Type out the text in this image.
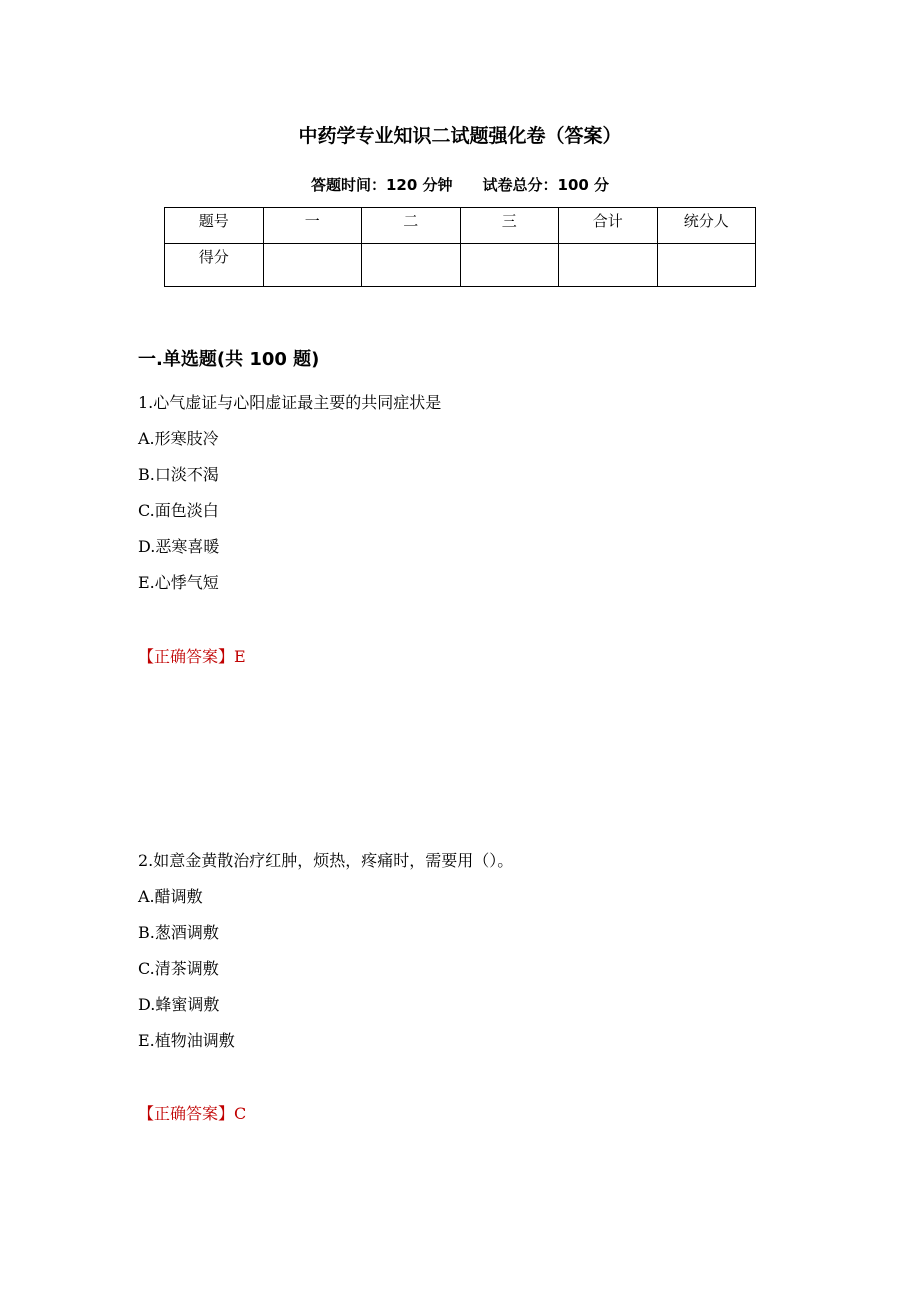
中药学专业知识二试题强化卷（答案）
答题时间：120 分钟 试卷总分：100 分
题号	一	二	三	合计	统分人
得分					
一.单选题(共 100 题)
1.心气虚证与心阳虚证最主要的共同症状是
A.形寒肢冷
B.口淡不渴
C.面色淡白
D.恶寒喜暖
E.心悸气短
【正确答案】E
2.如意金黄散治疗红肿，烦热，疼痛时，需要用（）。
A.醋调敷
B.葱酒调敷
C.清茶调敷
D.蜂蜜调敷
E.植物油调敷
【正确答案】C
